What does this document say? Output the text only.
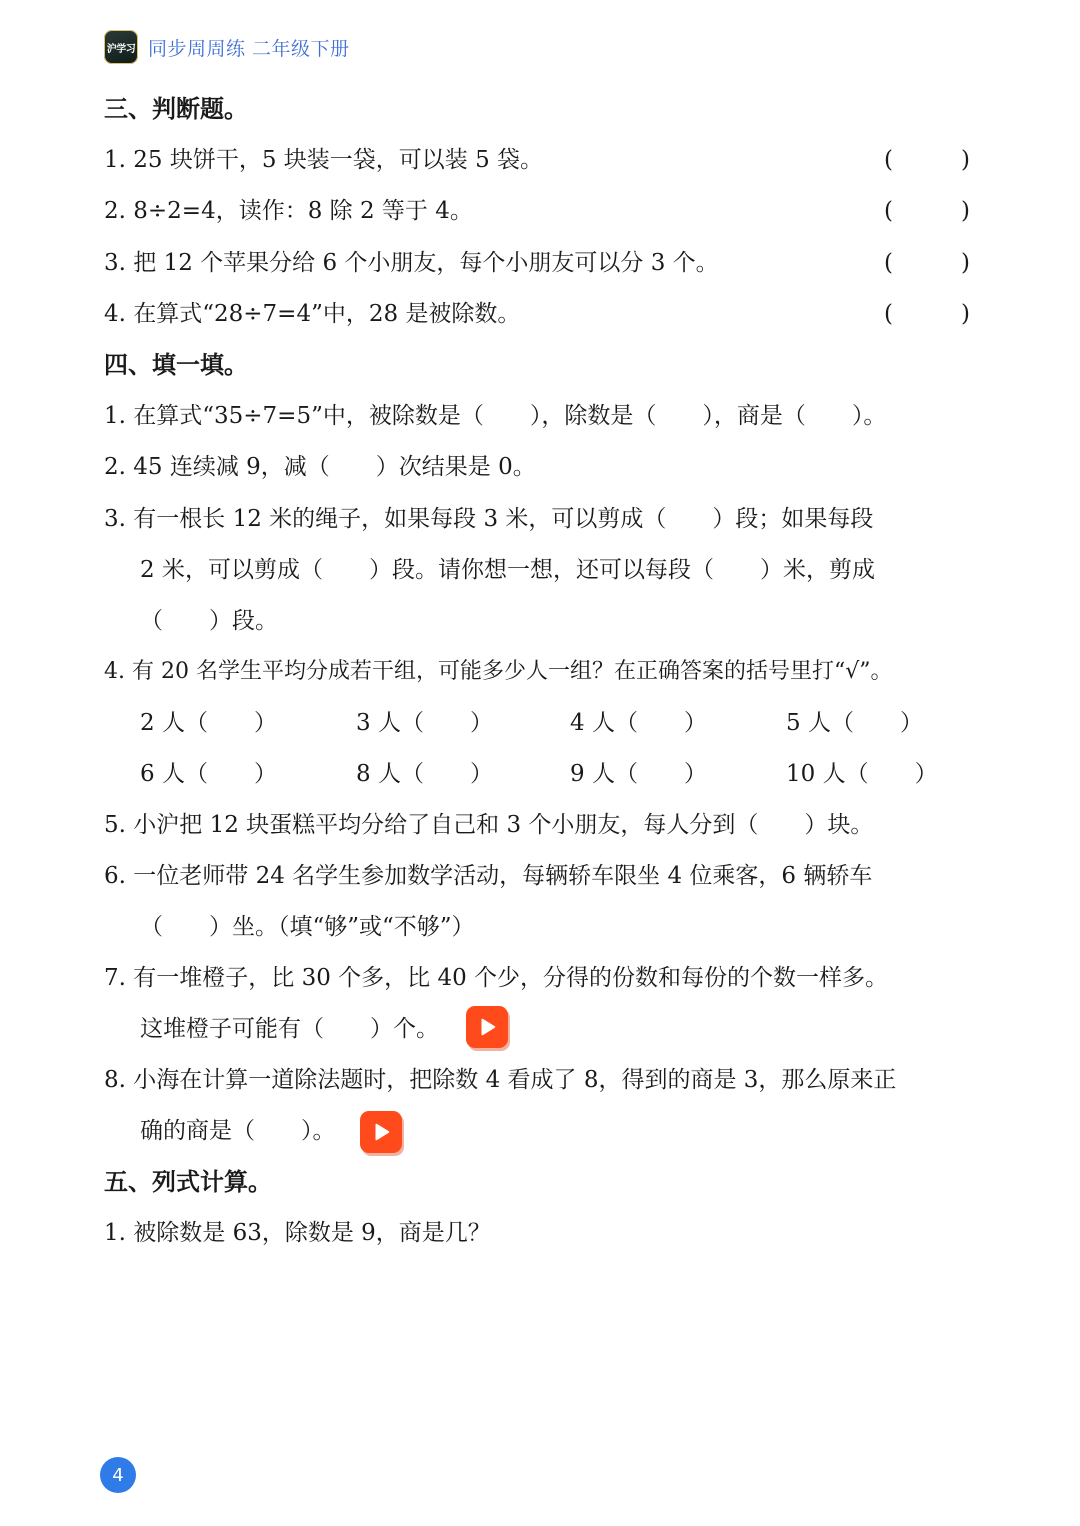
沪学习 同步周周练 二年级下册
三、判断题。
1. 25 块饼干，5 块装一袋，可以装 5 袋。	(	)
2. 8÷2=4，读作：8 除 2 等于 4。	(	)
3. 把 12 个苹果分给 6 个小朋友，每个小朋友可以分 3 个。	(	)
4. 在算式“28÷7=4”中，28 是被除数。	(	)
四、填一填。
1. 在算式“35÷7=5”中，被除数是（　　），除数是（　　），商是（　　）。
2. 45 连续减 9，减（　　）次结果是 0。
3. 有一根长 12 米的绳子，如果每段 3 米，可以剪成（　　）段；如果每段
2 米，可以剪成（　　）段。请你想一想，还可以每段（　　）米，剪成
（　　）段。
4. 有 20 名学生平均分成若干组，可能多少人一组？在正确答案的括号里打“√”。
2 人（　　）	3 人（　　）	4 人（　　）	5 人（　　）
6 人（　　）	8 人（　　）	9 人（　　）	10 人（　　）
5. 小沪把 12 块蛋糕平均分给了自己和 3 个小朋友，每人分到（　　）块。
6. 一位老师带 24 名学生参加数学活动，每辆轿车限坐 4 位乘客，6 辆轿车
（　　）坐。（填“够”或“不够”）
7. 有一堆橙子，比 30 个多，比 40 个少，分得的份数和每份的个数一样多。
这堆橙子可能有（　　）个。
8. 小海在计算一道除法题时，把除数 4 看成了 8，得到的商是 3，那么原来正
确的商是（　　）。
五、列式计算。
1. 被除数是 63，除数是 9，商是几？
4
